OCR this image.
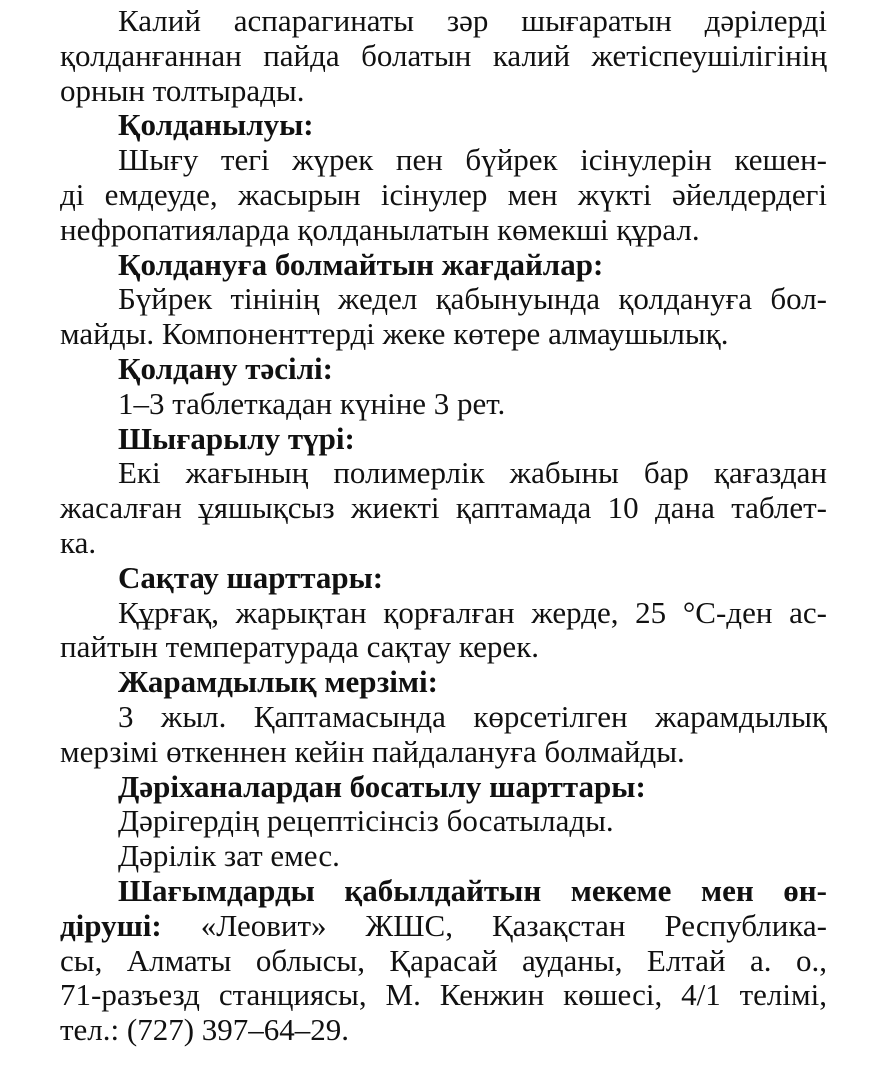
Калий аспарагинаты зәр шығаратын дәрілерді
қолданғаннан пайда болатын калий жетіспеушілігінің
орнын толтырады.
Қолданылуы:
Шығу тегі жүрек пен бүйрек ісінулерін кешен-
ді емдеуде, жасырын ісінулер мен жүкті әйелдердегі
нефропатияларда қолданылатын көмекші құрал.
Қолдануға болмайтын жағдайлар:
Бүйрек тінінің жедел қабынуында қолдануға бол-
майды. Компоненттерді жеке көтере алмаушылық.
Қолдану тәсілі:
1–3 таблеткадан күніне 3 рет.
Шығарылу түрі:
Екі жағының полимерлік жабыны бар қағаздан
жасалған ұяшықсыз жиекті қаптамада 10 дана таблет-
ка.
Сақтау шарттары:
Құрғақ, жарықтан қорғалған жерде, 25 °С-ден ас-
пайтын температурада сақтау керек.
Жарамдылық мерзімі:
3 жыл. Қаптамасында көрсетілген жарамдылық
мерзімі өткеннен кейін пайдалануға болмайды.
Дәріханалардан босатылу шарттары:
Дәрігердің рецептісінсіз босатылады.
Дәрілік зат емес.
Шағымдарды қабылдайтын мекеме мен өн-
діруші: «Леовит» ЖШС, Қазақстан Республика-
сы, Алматы облысы, Қарасай ауданы, Елтай а. о.,
71-разъезд станциясы, М. Кенжин көшесі, 4/1 телімі,
тел.: (727) 397–64–29.
